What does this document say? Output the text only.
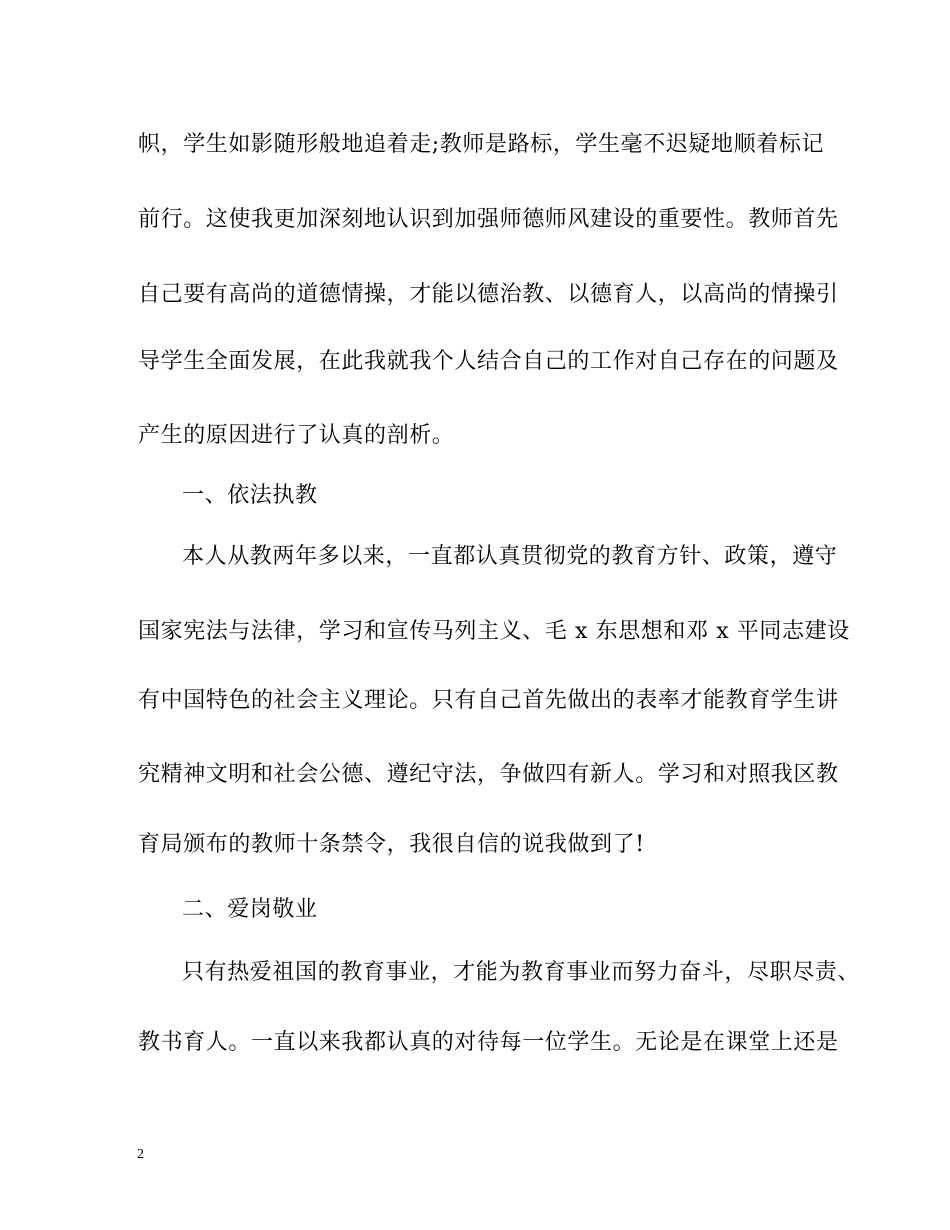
帜，学生如影随形般地追着走;教师是路标，学生毫不迟疑地顺着标记

前行。这使我更加深刻地认识到加强师德师风建设的重要性。教师首先

自己要有高尚的道德情操，才能以德治教、以德育人，以高尚的情操引

导学生全面发展，在此我就我个人结合自己的工作对自己存在的问题及

产生的原因进行了认真的剖析。

一、依法执教

本人从教两年多以来，一直都认真贯彻党的教育方针、政策，遵守

国家宪法与法律，学习和宣传马列主义、毛 x 东思想和邓 x 平同志建设

有中国特色的社会主义理论。只有自己首先做出的表率才能教育学生讲

究精神文明和社会公德、遵纪守法，争做四有新人。学习和对照我区教

育局颁布的教师十条禁令，我很自信的说我做到了!

二、爱岗敬业

只有热爱祖国的教育事业，才能为教育事业而努力奋斗，尽职尽责、

教书育人。一直以来我都认真的对待每一位学生。无论是在课堂上还是

2
